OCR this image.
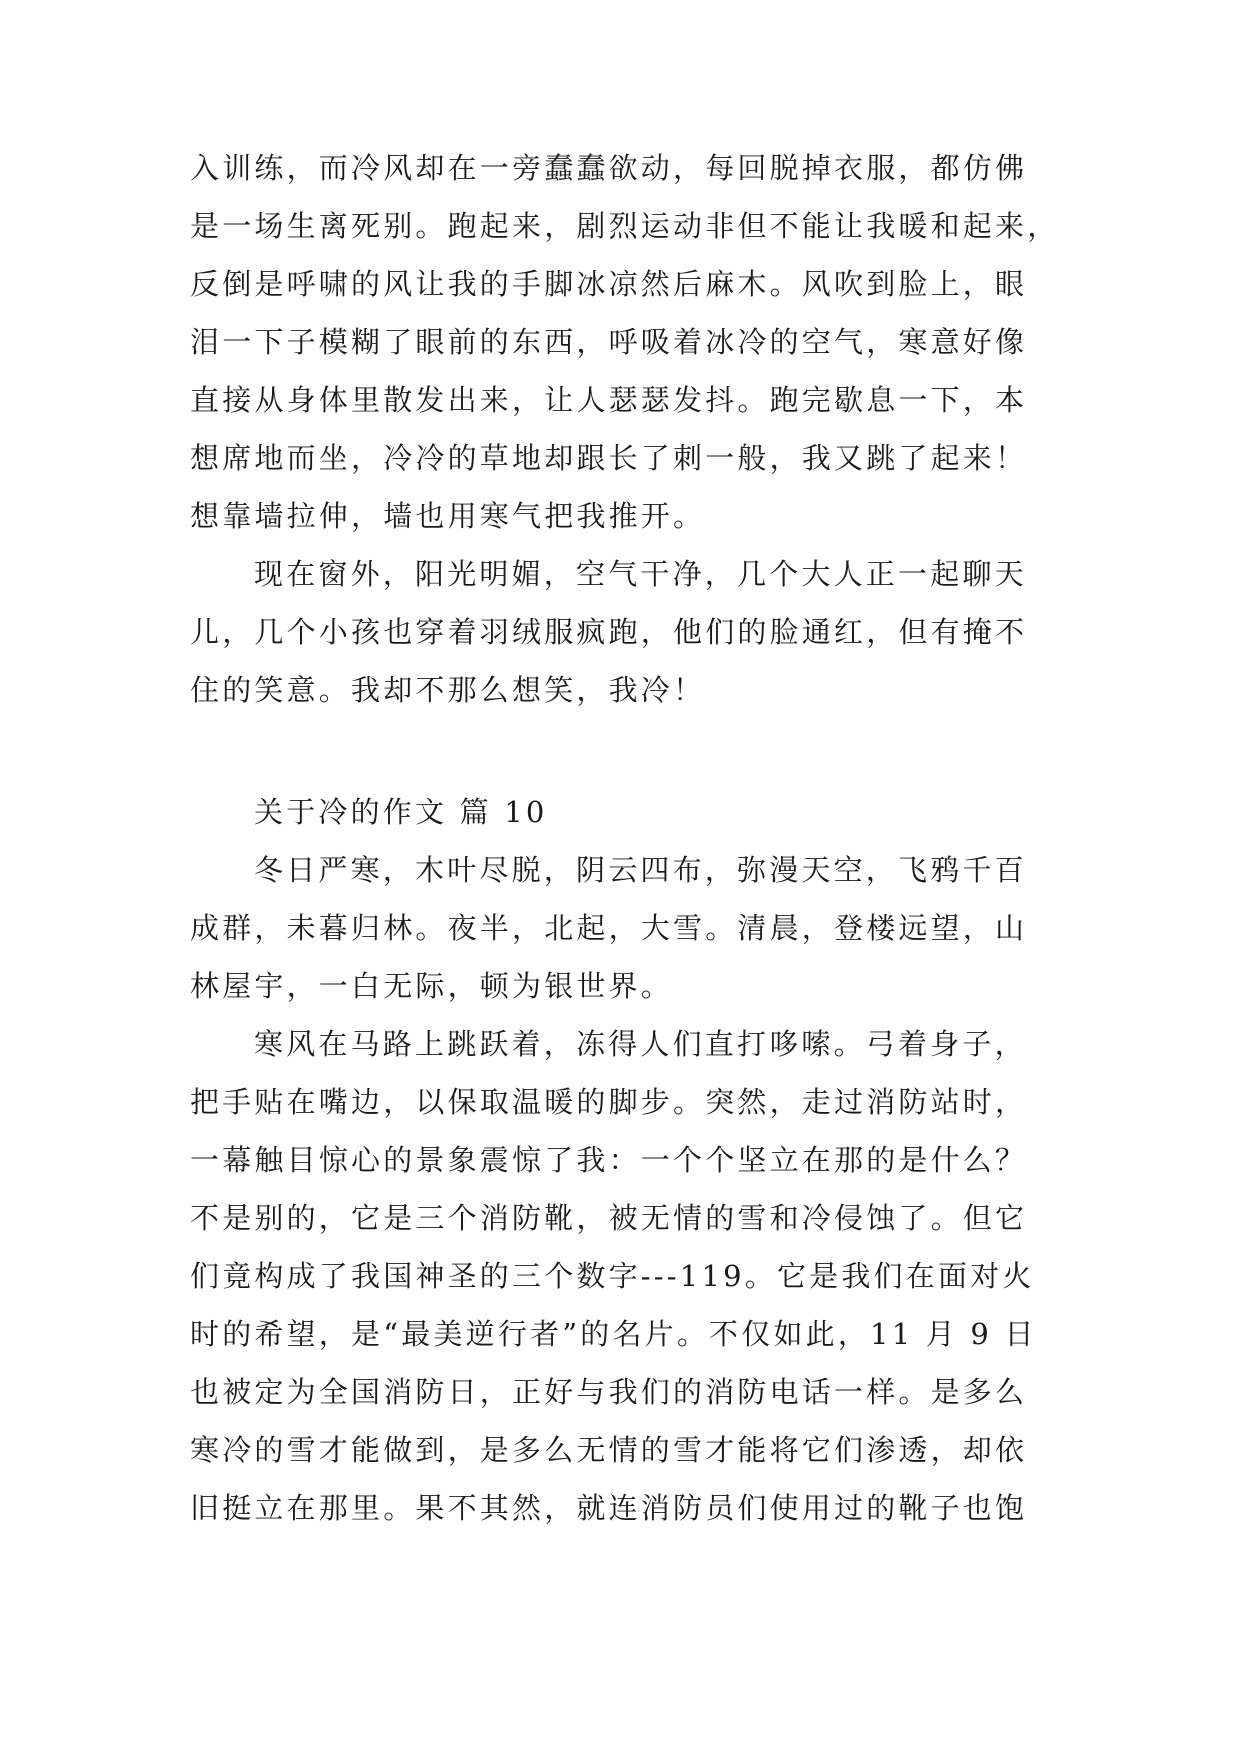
入训练，而冷风却在一旁蠢蠢欲动，每回脱掉衣服，都仿佛
是一场生离死别。跑起来，剧烈运动非但不能让我暖和起来，
反倒是呼啸的风让我的手脚冰凉然后麻木。风吹到脸上，眼
泪一下子模糊了眼前的东西，呼吸着冰冷的空气，寒意好像
直接从身体里散发出来，让人瑟瑟发抖。跑完歇息一下，本
想席地而坐，冷冷的草地却跟长了刺一般，我又跳了起来！
想靠墙拉伸，墙也用寒气把我推开。
现在窗外，阳光明媚，空气干净，几个大人正一起聊天
儿，几个小孩也穿着羽绒服疯跑，他们的脸通红，但有掩不
住的笑意。我却不那么想笑，我冷！
关于冷的作文 篇 10
冬日严寒，木叶尽脱，阴云四布，弥漫天空，飞鸦千百
成群，未暮归林。夜半，北起，大雪。清晨，登楼远望，山
林屋宇，一白无际，顿为银世界。
寒风在马路上跳跃着，冻得人们直打哆嗦。弓着身子，
把手贴在嘴边，以保取温暖的脚步。突然，走过消防站时，
一幕触目惊心的景象震惊了我：一个个坚立在那的是什么？
不是别的，它是三个消防靴，被无情的雪和冷侵蚀了。但它
们竟构成了我国神圣的三个数字---119。它是我们在面对火
时的希望，是“最美逆行者”的名片。不仅如此，11 月 9 日
也被定为全国消防日，正好与我们的消防电话一样。是多么
寒冷的雪才能做到，是多么无情的雪才能将它们渗透，却依
旧挺立在那里。果不其然，就连消防员们使用过的靴子也饱
